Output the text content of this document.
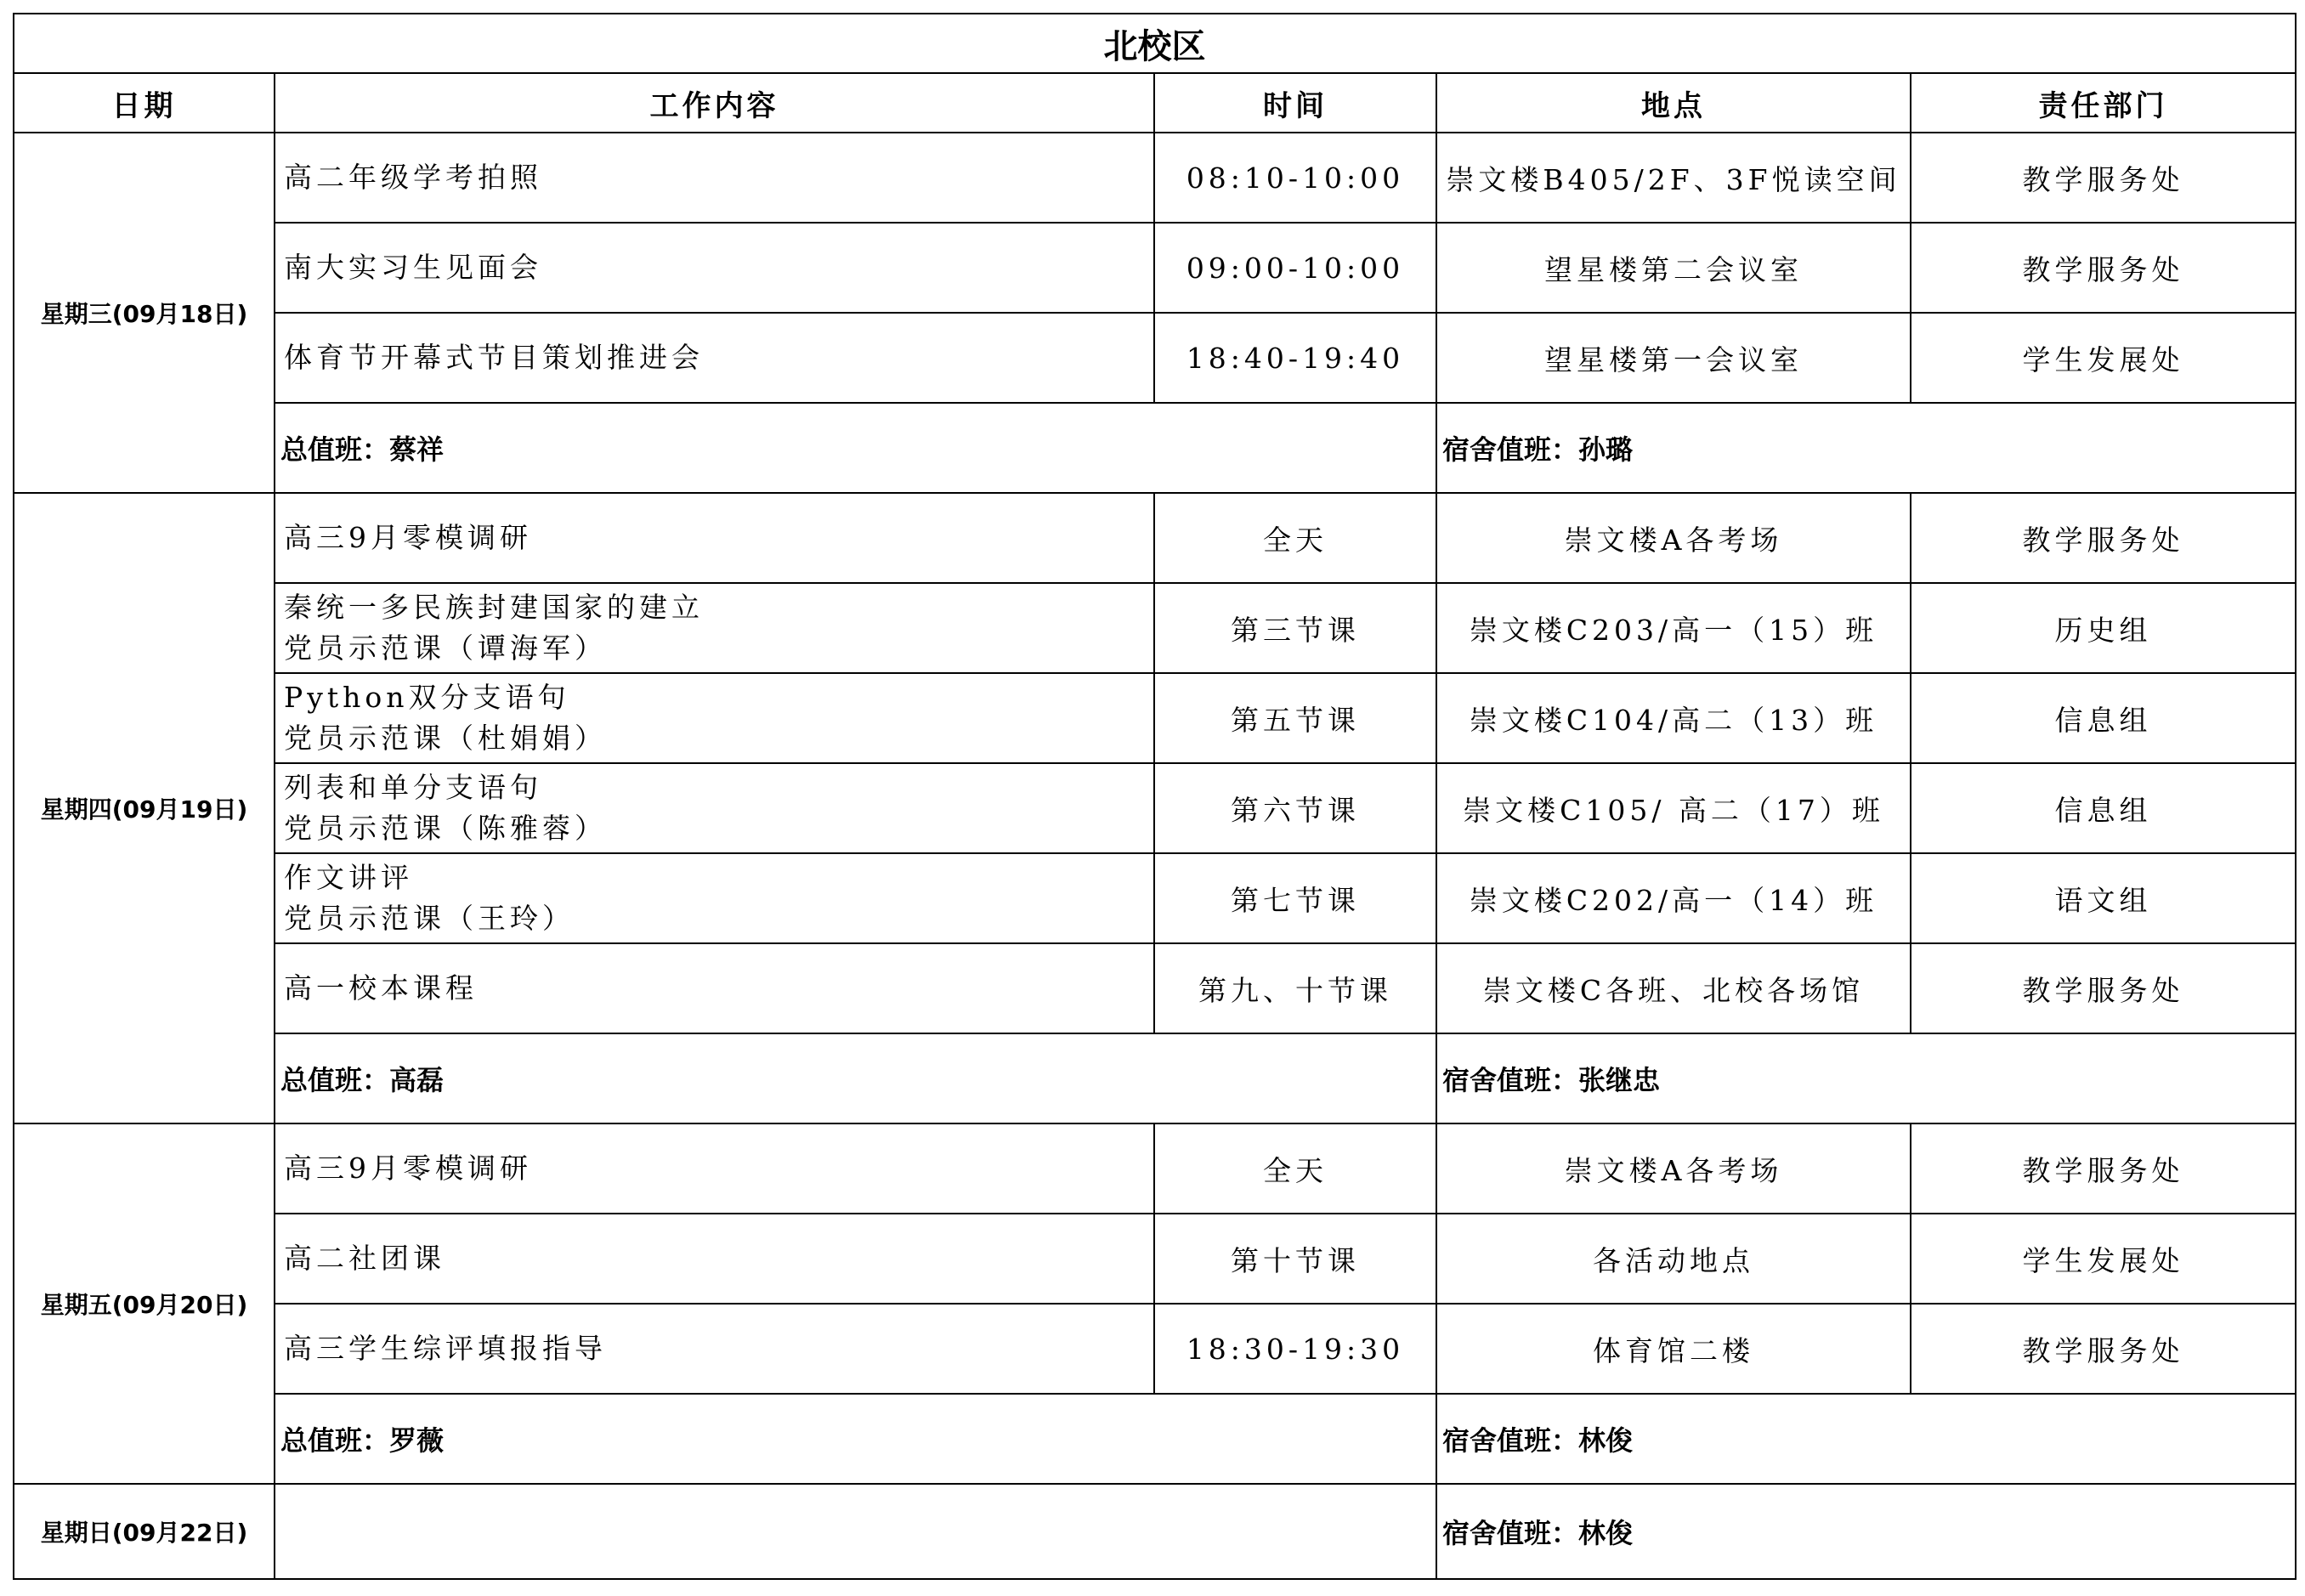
北校区				
日期	工作内容	时间	地点	责任部门
星期三(09月18日)	高二年级学考拍照	08:10-10:00	崇文楼B405/2F、3F悦读空间	教学服务处

	南大实习生见面会	09:00-10:00	望星楼第二会议室	教学服务处

	体育节开幕式节目策划推进会	18:40-19:40	望星楼第一会议室	学生发展处
	总值班：蔡祥		宿舍值班：孙璐	
星期四(09月19日)	高三9月零模调研	全天	崇文楼A各考场	教学服务处

	秦统一多民族封建国家的建立
党员示范课（谭海军）	第三节课	崇文楼C203/高一（15）班	历史组

	Python双分支语句
党员示范课（杜娟娟）	第五节课	崇文楼C104/高二（13）班	信息组

	列表和单分支语句
党员示范课（陈雅蓉）	第六节课	崇文楼C105/ 高二（17）班	信息组

	作文讲评
党员示范课（王玲）	第七节课	崇文楼C202/高一（14）班	语文组

	高一校本课程	第九、十节课	崇文楼C各班、北校各场馆	教学服务处
	总值班：高磊		宿舍值班：张继忠	
星期五(09月20日)	高三9月零模调研	全天	崇文楼A各考场	教学服务处

	高二社团课	第十节课	各活动地点	学生发展处

	高三学生综评填报指导	18:30-19:30	体育馆二楼	教学服务处
	总值班：罗薇		宿舍值班：林俊	
星期日(09月22日)			宿舍值班：林俊	
